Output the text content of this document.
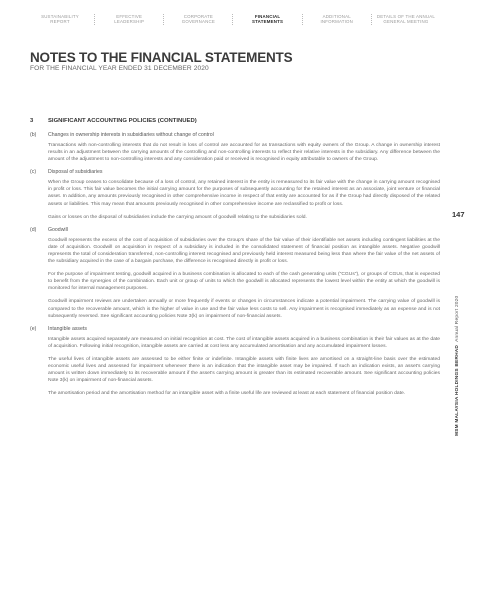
SUSTAINABILITY
REPORT
EFFECTIVE
LEADERSHIP
CORPORATE
GOVERNANCE
FINANCIAL
STATEMENTS
ADDITIONAL
INFORMATION
DETAILS OF THE ANNUAL
GENERAL MEETING
NOTES TO THE FINANCIAL STATEMENTS
FOR THE FINANCIAL YEAR ENDED 31 DECEMBER 2020
3	SIGNIFICANT ACCOUNTING POLICIES (CONTINUED)
(b)	Changes in ownership interests in subsidiaries without change of control
Transactions with non-controlling interests that do not result in loss of control are accounted for as transactions with equity owners of the Group. A change in ownership interest results in an adjustment between the carrying amounts of the controlling and non-controlling interests to reflect their relative interests in the subsidiary. Any difference between the amount of the adjustment to non-controlling interests and any consideration paid or received is recognised in equity attributable to owners of the Group.
(c)	Disposal of subsidiaries
When the Group ceases to consolidate because of a loss of control, any retained interest in the entity is remeasured to its fair value with the change in carrying amount recognised in profit or loss. This fair value becomes the initial carrying amount for the purposes of subsequently accounting for the retained interest as an associate, joint venture or financial asset. In addition, any amounts previously recognised in other comprehensive income in respect of that entity are accounted for as if the Group had directly disposed of the related assets or liabilities. This may mean that amounts previously recognised in other comprehensive income are reclassified to profit or loss.
Gains or losses on the disposal of subsidiaries include the carrying amount of goodwill relating to the subsidiaries sold.
(d)	Goodwill
Goodwill represents the excess of the cost of acquisition of subsidiaries over the Group's share of the fair value of their identifiable net assets including contingent liabilities at the date of acquisition. Goodwill on acquisition in respect of a subsidiary is included in the consolidated statement of financial position as intangible assets. Negative goodwill represents the total of consideration transferred, non-controlling interest recognised and previously held interest measured being less than where the fair value of the net assets of the subsidiary acquired in the case of a bargain purchase, the difference is recognised directly in profit or loss.
For the purpose of impairment testing, goodwill acquired in a business combination is allocated to each of the cash generating units ("CGUs"), or groups of CGUs, that is expected to benefit from the synergies of the combination. Each unit or group of units to which the goodwill is allocated represents the lowest level within the entity at which the goodwill is monitored for internal management purposes.
Goodwill impairment reviews are undertaken annually or more frequently if events or changes in circumstances indicate a potential impairment. The carrying value of goodwill is compared to the recoverable amount, which is the higher of value in use and the fair value less costs to sell. Any impairment is recognised immediately as an expense and is not subsequently reversed. See significant accounting policies Note 3(k) on impairment of non-financial assets.
(e)	Intangible assets
Intangible assets acquired separately are measured on initial recognition at cost. The cost of intangible assets acquired in a business combination is their fair values as at the date of acquisition. Following initial recognition, intangible assets are carried at cost less any accumulated amortisation and any accumulated impairment losses.
The useful lives of intangible assets are assessed to be either finite or indefinite. Intangible assets with finite lives are amortised on a straight-line basis over the estimated economic useful lives and assessed for impairment whenever there is an indication that the intangible asset may be impaired. If such an indication exists, an asset's carrying amount is written down immediately to its recoverable amount if the asset's carrying amount is greater than its estimated recoverable amount. See significant accounting policies Note 3(k) on impairment of non-financial assets.
The amortisation period and the amortisation method for an intangible asset with a finite useful life are reviewed at least at each statement of financial position date.
147
MSM MALAYSIA HOLDINGS BERHAD  Annual Report 2020
